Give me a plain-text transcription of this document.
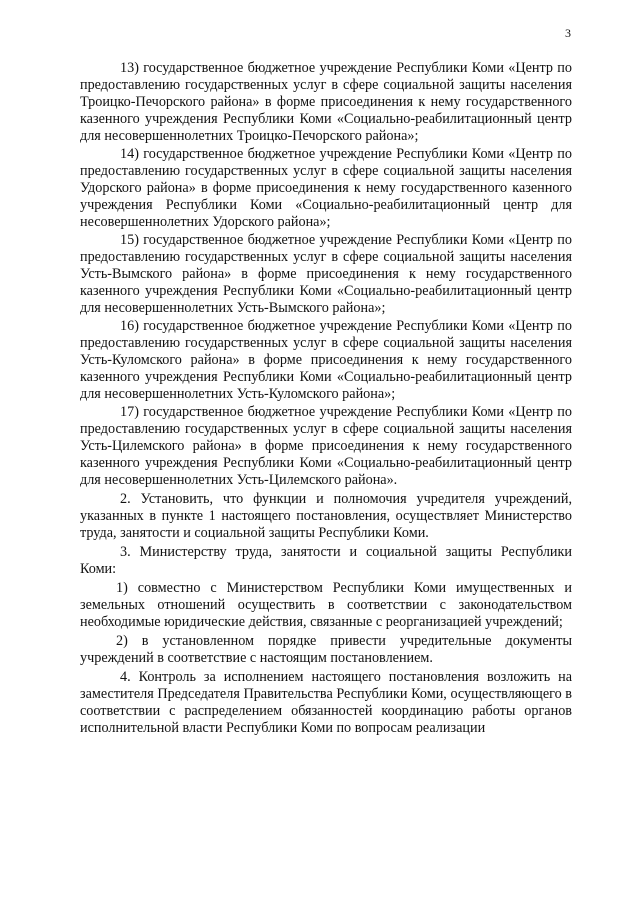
3

13) государственное бюджетное учреждение Республики Коми «Центр по предоставлению государственных услуг в сфере социальной защиты населения Троицко-Печорского района» в форме присоединения к нему государственного казенного учреждения Республики Коми «Социально-реабилитационный центр для несовершеннолетних Троицко-Печорского района»;

14) государственное бюджетное учреждение Республики Коми «Центр по предоставлению государственных услуг в сфере социальной защиты населения Удорского района» в форме присоединения к нему государственного казенного учреждения Республики Коми «Социально-реабилитационный центр для несовершеннолетних Удорского района»;

15) государственное бюджетное учреждение Республики Коми «Центр по предоставлению государственных услуг в сфере социальной защиты населения Усть-Вымского района» в форме присоединения к нему государственного казенного учреждения Республики Коми «Социально-реабилитационный центр для несовершеннолетних Усть-Вымского района»;

16) государственное бюджетное учреждение Республики Коми «Центр по предоставлению государственных услуг в сфере социальной защиты населения Усть-Куломского района» в форме присоединения к нему государственного казенного учреждения Республики Коми «Социально-реабилитационный центр для несовершеннолетних Усть-Куломского района»;

17) государственное бюджетное учреждение Республики Коми «Центр по предоставлению государственных услуг в сфере социальной защиты населения Усть-Цилемского района» в форме присоединения к нему государственного казенного учреждения Республики Коми «Социально-реабилитационный центр для несовершеннолетних Усть-Цилемского района».

2. Установить, что функции и полномочия учредителя учреждений, указанных в пункте 1 настоящего постановления, осуществляет Министерство труда, занятости и социальной защиты Республики Коми.

3. Министерству труда, занятости и социальной защиты Республики Коми:

1) совместно с Министерством Республики Коми имущественных и земельных отношений осуществить в соответствии с законодательством необходимые юридические действия, связанные с реорганизацией учреждений;

2) в установленном порядке привести учредительные документы учреждений в соответствие с настоящим постановлением.

4. Контроль за исполнением настоящего постановления возложить на заместителя Председателя Правительства Республики Коми, осуществляющего в соответствии с распределением обязанностей координацию работы органов исполнительной власти Республики Коми по вопросам реализации
